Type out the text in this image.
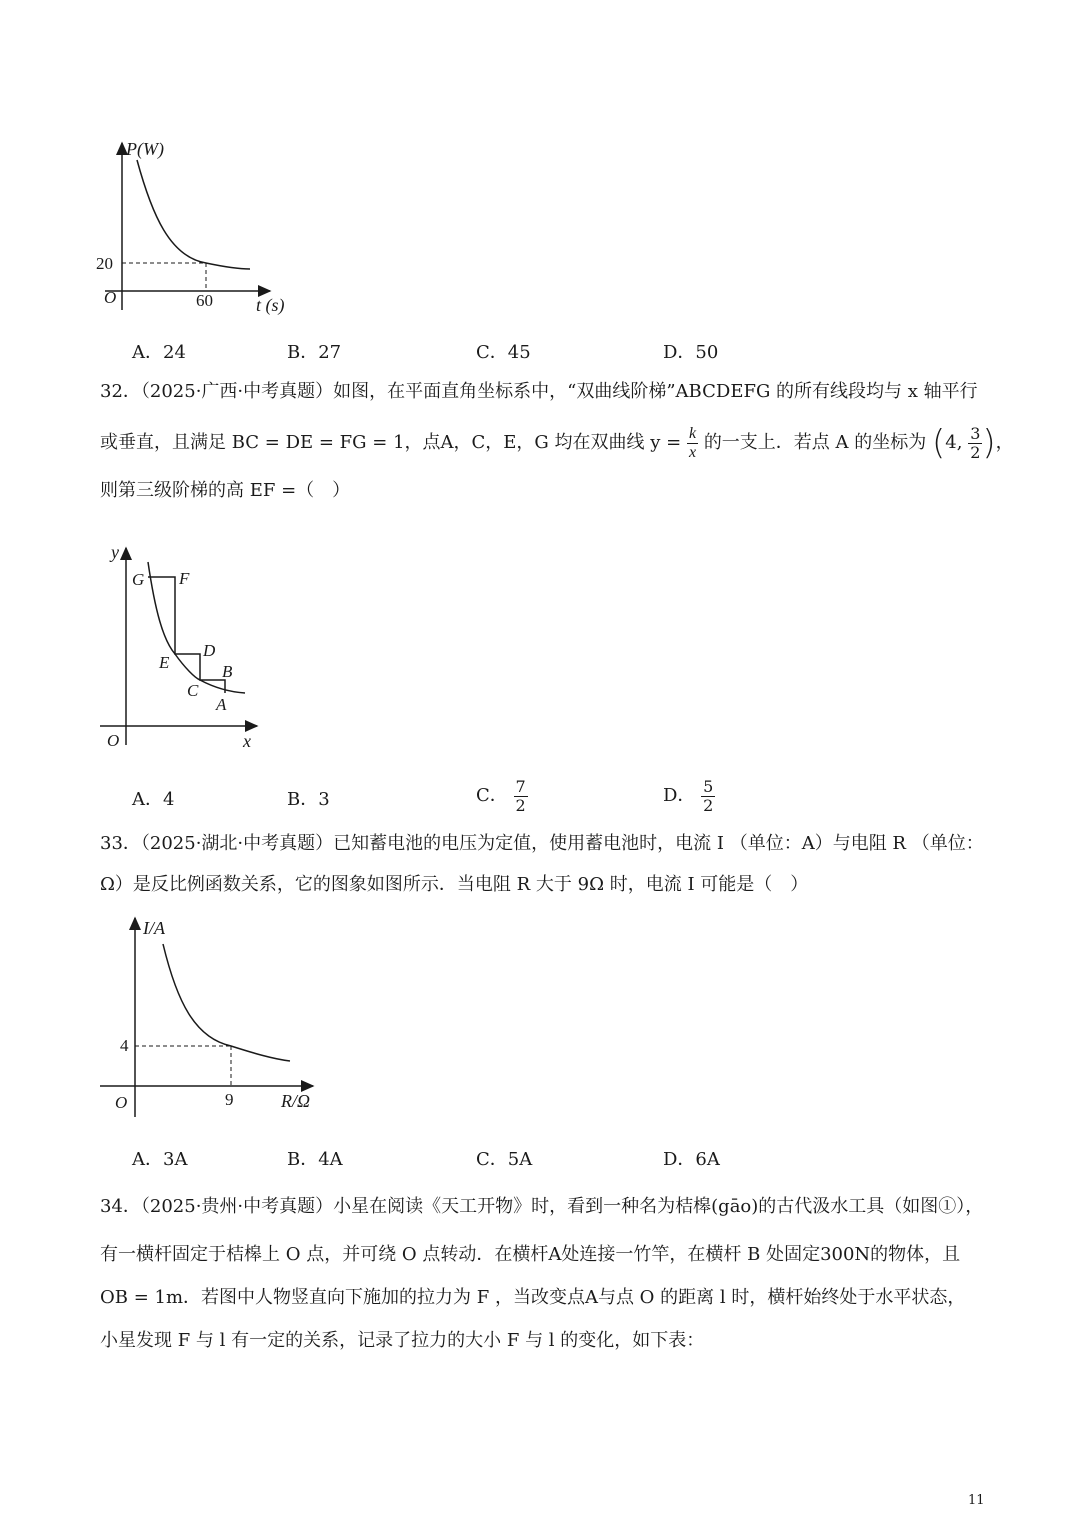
P(W)
20
O	60 t (s)
A．24	B．27	C．45	D．50
32．（2025·广西·中考真题）如图，在平面直角坐标系中，“双曲线阶梯”ABCDEFG 的所有线段均与 x 轴平行
或垂直，且满足 BC = DE = FG = 1，点A，C，E，G 均在双曲线 $y = \frac{k}{x}$ 的一支上．若点 A 的坐标为 (4, $\frac{3}{2}$ )，
则第三级阶梯的高 EF =（　）
y
G F
D
E	B
C
A
O	x
A．4	B．3	C． $\frac{7}{2}$	D． $\frac{5}{2}$
33．（2025·湖北·中考真题）已知蓄电池的电压为定值，使用蓄电池时，电流 I （单位：A）与电阻 R （单位：
Ω）是反比例函数关系，它的图象如图所示．当电阻 R 大于 9Ω 时，电流 I 可能是（　）
I/A
4
O	9	R/Ω
A．3A	B．4A	C．5A	D．6A
34．（2025·贵州·中考真题）小星在阅读《天工开物》时，看到一种名为桔槔(gāo)的古代汲水工具（如图①），
有一横杆固定于桔槔上 O 点，并可绕 O 点转动．在横杆A处连接一竹竿，在横杆 B 处固定300N的物体，且
OB = 1m．若图中人物竖直向下施加的拉力为 F ，当改变点A与点 O 的距离 l 时，横杆始终处于水平状态，
小星发现 F 与 l 有一定的关系，记录了拉力的大小 F 与 l 的变化，如下表：
11
